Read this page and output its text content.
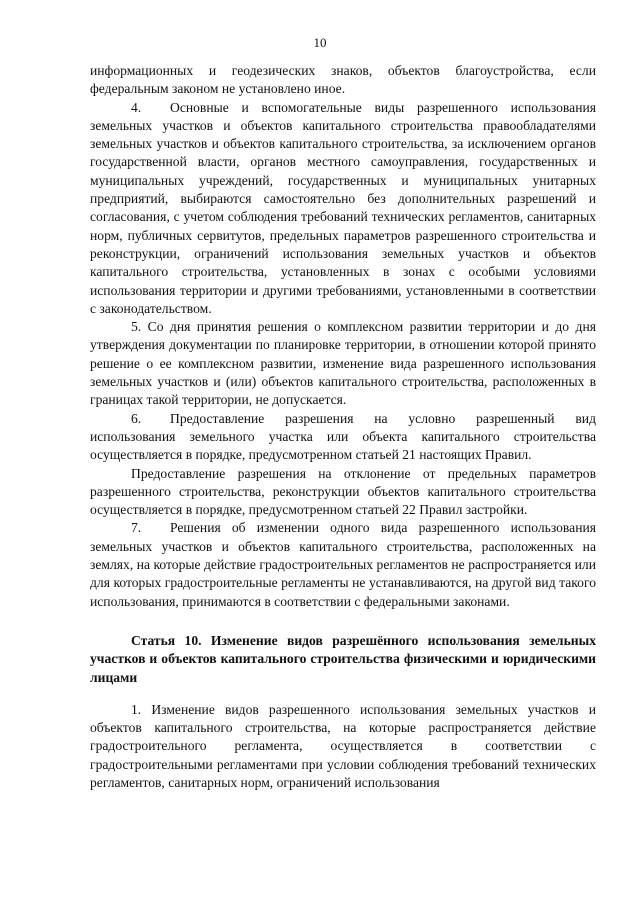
10

информационных и геодезических знаков, объектов благоустройства, если федеральным законом не установлено иное.

4. Основные и вспомогательные виды разрешенного использования земельных участков и объектов капитального строительства правообладателями земельных участков и объектов капитального строительства, за исключением органов государственной власти, органов местного самоуправления, государственных и муниципальных учреждений, государственных и муниципальных унитарных предприятий, выбираются самостоятельно без дополнительных разрешений и согласования, с учетом соблюдения требований технических регламентов, санитарных норм, публичных сервитутов, предельных параметров разрешенного строительства и реконструкции, ограничений использования земельных участков и объектов капитального строительства, установленных в зонах с особыми условиями использования территории и другими требованиями, установленными в соответствии с законодательством.

5. Со дня принятия решения о комплексном развитии территории и до дня утверждения документации по планировке территории, в отношении которой принято решение о ее комплексном развитии, изменение вида разрешенного использования земельных участков и (или) объектов капитального строительства, расположенных в границах такой территории, не допускается.

6. Предоставление разрешения на условно разрешенный вид использования земельного участка или объекта капитального строительства осуществляется в порядке, предусмотренном статьей 21 настоящих Правил.

Предоставление разрешения на отклонение от предельных параметров разрешенного строительства, реконструкции объектов капитального строительства осуществляется в порядке, предусмотренном статьей 22 Правил застройки.

7. Решения об изменении одного вида разрешенного использования земельных участков и объектов капитального строительства, расположенных на землях, на которые действие градостроительных регламентов не распространяется или для которых градостроительные регламенты не устанавливаются, на другой вид такого использования, принимаются в соответствии с федеральными законами.

Статья 10. Изменение видов разрешённого использования земельных участков и объектов капитального строительства физическими и юридическими лицами

1. Изменение видов разрешенного использования земельных участков и объектов капитального строительства, на которые распространяется действие градостроительного регламента, осуществляется в соответствии с градостроительными регламентами при условии соблюдения требований технических регламентов, санитарных норм, ограничений использования
